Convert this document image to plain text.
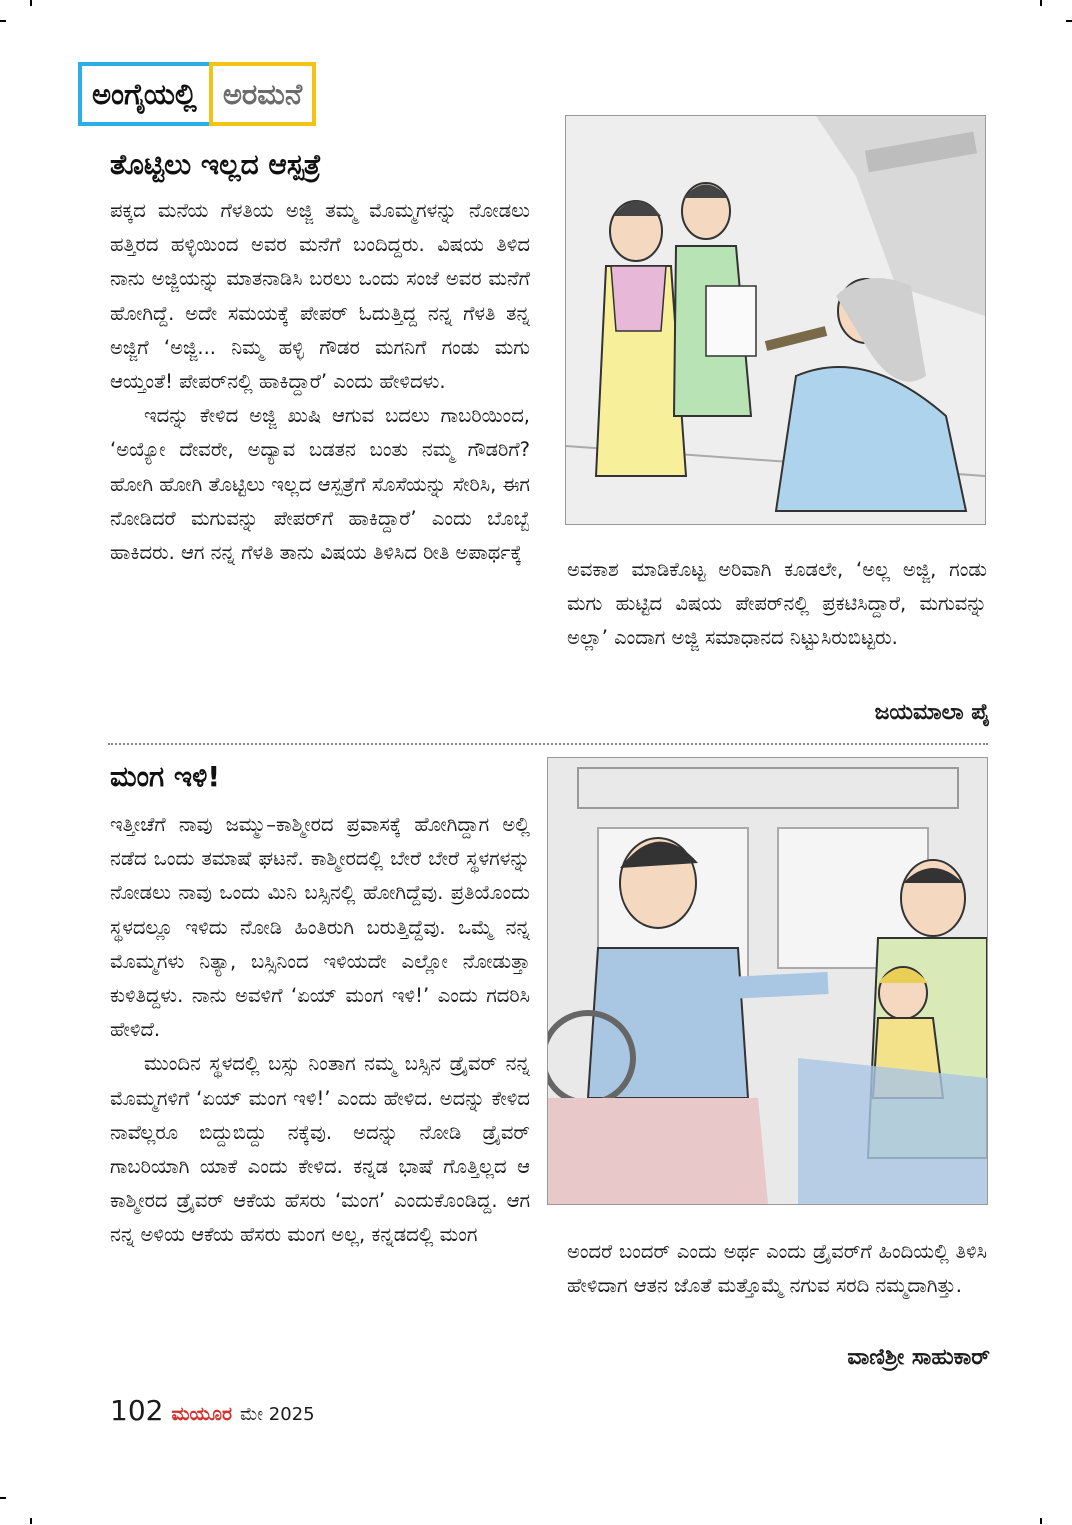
ಅಂಗೈಯಲ್ಲಿ ಅರಮನೆ
ತೊಟ್ಟಿಲು ಇಲ್ಲದ ಆಸ್ಪತ್ರೆ

ಪಕ್ಕದ ಮನೆಯ ಗೆಳತಿಯ ಅಜ್ಜಿ ತಮ್ಮ ಮೊಮ್ಮಗಳನ್ನು ನೋಡಲು ಹತ್ತಿರದ ಹಳ್ಳಿಯಿಂದ ಅವರ ಮನೆಗೆ ಬಂದಿದ್ದರು. ವಿಷಯ ತಿಳಿದ ನಾನು ಅಜ್ಜಿಯನ್ನು ಮಾತನಾಡಿಸಿ ಬರಲು ಒಂದು ಸಂಜೆ ಅವರ ಮನೆಗೆ ಹೋಗಿದ್ದೆ. ಅದೇ ಸಮಯಕ್ಕೆ ಪೇಪರ್ ಓದುತ್ತಿದ್ದ ನನ್ನ ಗೆಳತಿ ತನ್ನ ಅಜ್ಜಿಗೆ ‘ಅಜ್ಜಿ... ನಿಮ್ಮ ಹಳ್ಳಿ ಗೌಡರ ಮಗನಿಗೆ ಗಂಡು ಮಗು ಆಯ್ತಂತೆ! ಪೇಪರ್‌ನಲ್ಲಿ ಹಾಕಿದ್ದಾರೆ’ ಎಂದು ಹೇಳಿದಳು.

ಇದನ್ನು ಕೇಳಿದ ಅಜ್ಜಿ ಖುಷಿ ಆಗುವ ಬದಲು ಗಾಬರಿಯಿಂದ, ‘ಅಯ್ಯೋ ದೇವರೇ, ಅದ್ಯಾವ ಬಡತನ ಬಂತು ನಮ್ಮ ಗೌಡರಿಗೆ? ಹೋಗಿ ಹೋಗಿ ತೊಟ್ಟಿಲು ಇಲ್ಲದ ಆಸ್ಪತ್ರೆಗೆ ಸೊಸೆಯನ್ನು ಸೇರಿಸಿ, ಈಗ ನೋಡಿದರೆ ಮಗುವನ್ನು ಪೇಪರ್‌ಗೆ ಹಾಕಿದ್ದಾರೆ’ ಎಂದು ಬೊಬ್ಬೆ ಹಾಕಿದರು. ಆಗ ನನ್ನ ಗೆಳತಿ ತಾನು ವಿಷಯ ತಿಳಿಸಿದ ರೀತಿ ಅಪಾರ್ಥಕ್ಕೆ

ಅವಕಾಶ ಮಾಡಿಕೊಟ್ಟ ಅರಿವಾಗಿ ಕೂಡಲೇ, ‘ಅಲ್ಲ ಅಜ್ಜಿ, ಗಂಡು ಮಗು ಹುಟ್ಟಿದ ವಿಷಯ ಪೇಪರ್‌ನಲ್ಲಿ ಪ್ರಕಟಿಸಿದ್ದಾರೆ, ಮಗುವನ್ನು ಅಲ್ಲಾ’ ಎಂದಾಗ ಅಜ್ಜಿ ಸಮಾಧಾನದ ನಿಟ್ಟುಸಿರುಬಿಟ್ಟರು.

ಜಯಮಾಲಾ ಪೈ
ಮಂಗ ಇಳಿ!

ಇತ್ತೀಚೆಗೆ ನಾವು ಜಮ್ಮು–ಕಾಶ್ಮೀರದ ಪ್ರವಾಸಕ್ಕೆ ಹೋಗಿದ್ದಾಗ ಅಲ್ಲಿ ನಡೆದ ಒಂದು ತಮಾಷೆ ಘಟನೆ. ಕಾಶ್ಮೀರದಲ್ಲಿ ಬೇರೆ ಬೇರೆ ಸ್ಥಳಗಳನ್ನು ನೋಡಲು ನಾವು ಒಂದು ಮಿನಿ ಬಸ್ಸಿನಲ್ಲಿ ಹೋಗಿದ್ದೆವು. ಪ್ರತಿಯೊಂದು ಸ್ಥಳದಲ್ಲೂ ಇಳಿದು ನೋಡಿ ಹಿಂತಿರುಗಿ ಬರುತ್ತಿದ್ದೆವು. ಒಮ್ಮೆ ನನ್ನ ಮೊಮ್ಮಗಳು ನಿತ್ಯಾ, ಬಸ್ಸಿನಿಂದ ಇಳಿಯದೇ ಎಲ್ಲೋ ನೋಡುತ್ತಾ ಕುಳಿತಿದ್ದಳು. ನಾನು ಅವಳಿಗೆ ‘ಏಯ್ ಮಂಗ ಇಳಿ!’ ಎಂದು ಗದರಿಸಿ ಹೇಳಿದೆ.

ಮುಂದಿನ ಸ್ಥಳದಲ್ಲಿ ಬಸ್ಸು ನಿಂತಾಗ ನಮ್ಮ ಬಸ್ಸಿನ ಡ್ರೈವರ್ ನನ್ನ ಮೊಮ್ಮಗಳಿಗೆ ‘ಏಯ್ ಮಂಗ ಇಳಿ!’ ಎಂದು ಹೇಳಿದ. ಅದನ್ನು ಕೇಳಿದ ನಾವೆಲ್ಲರೂ ಬಿದ್ದುಬಿದ್ದು ನಕ್ಕೆವು. ಅದನ್ನು ನೋಡಿ ಡ್ರೈವರ್ ಗಾಬರಿಯಾಗಿ ಯಾಕೆ ಎಂದು ಕೇಳಿದ. ಕನ್ನಡ ಭಾಷೆ ಗೊತ್ತಿಲ್ಲದ ಆ ಕಾಶ್ಮೀರದ ಡ್ರೈವರ್ ಆಕೆಯ ಹೆಸರು ‘ಮಂಗ’ ಎಂದುಕೊಂಡಿದ್ದ. ಆಗ ನನ್ನ ಅಳಿಯ ಆಕೆಯ ಹೆಸರು ಮಂಗ ಅಲ್ಲ, ಕನ್ನಡದಲ್ಲಿ ಮಂಗ

ಅಂದರೆ ಬಂದರ್ ಎಂದು ಅರ್ಥ ಎಂದು ಡ್ರೈವರ್‌ಗೆ ಹಿಂದಿಯಲ್ಲಿ ತಿಳಿಸಿ ಹೇಳಿದಾಗ ಆತನ ಜೊತೆ ಮತ್ತೊಮ್ಮೆ ನಗುವ ಸರದಿ ನಮ್ಮದಾಗಿತ್ತು.

ವಾಣಿಶ್ರೀ ಸಾಹುಕಾರ್
102 ಮಯೂರ ಮೇ 2025
